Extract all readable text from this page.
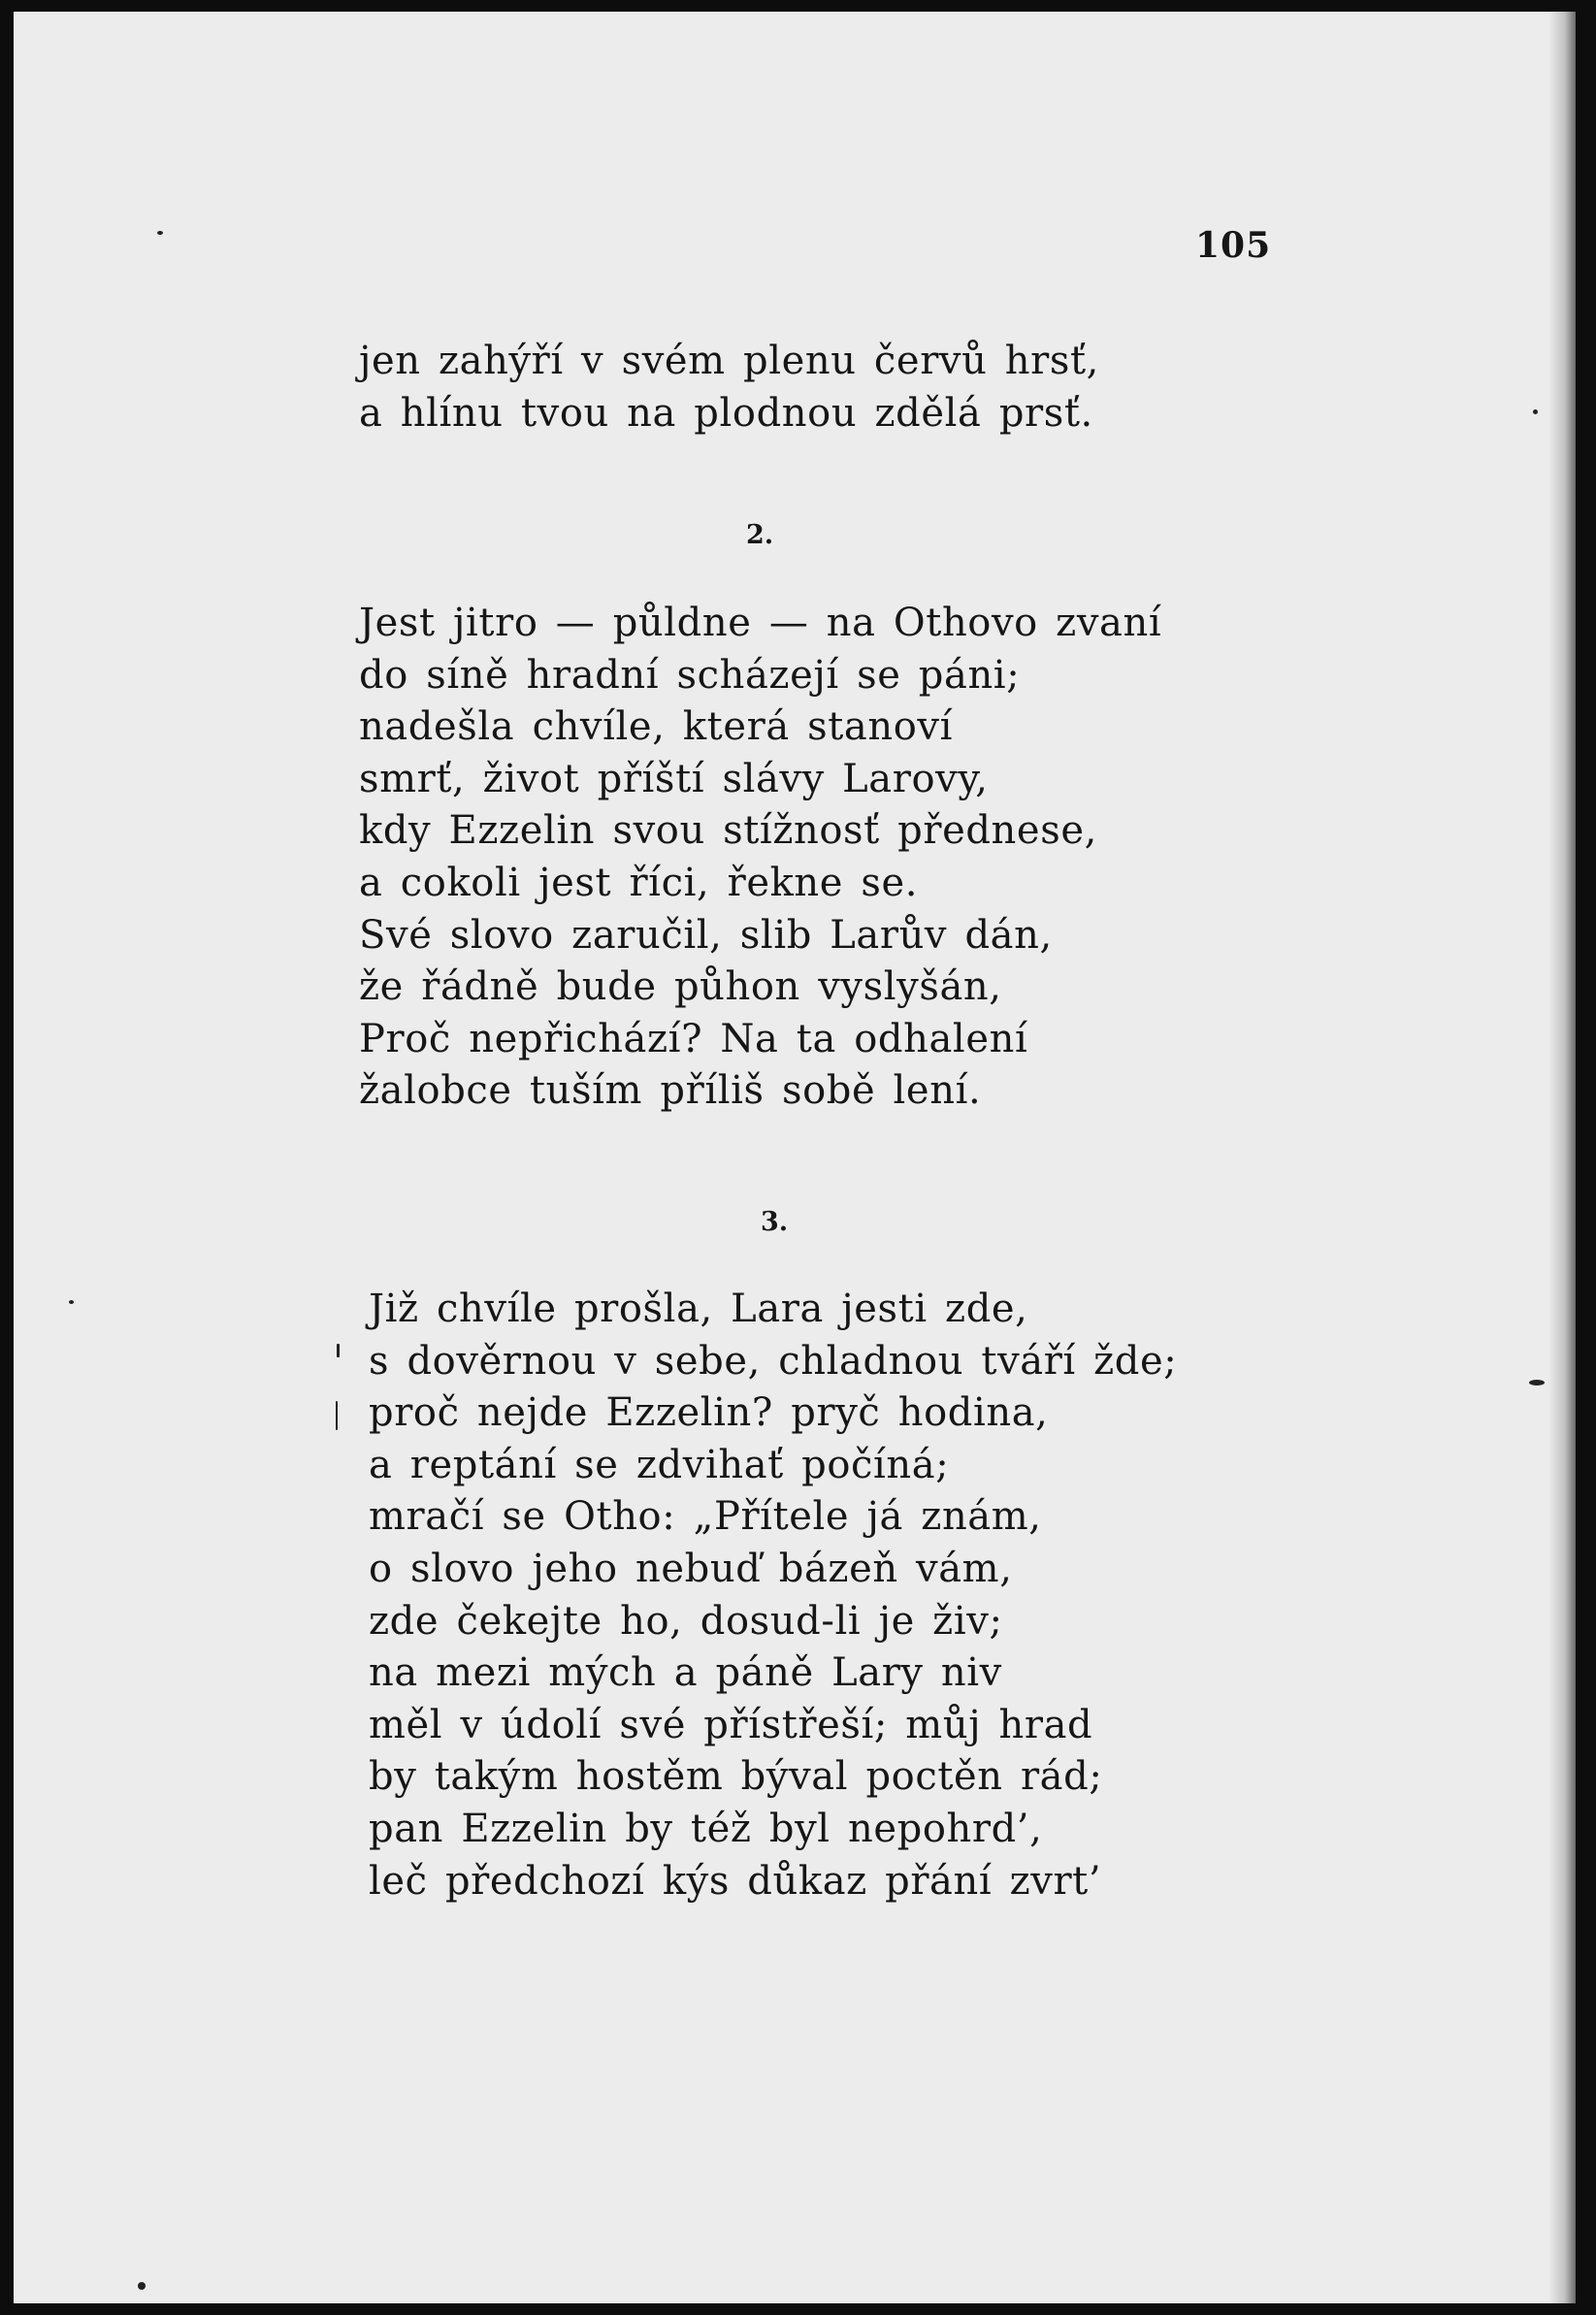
105
jen zahýří v svém plenu červů hrsť,
a hlínu tvou na plodnou zdělá prsť.
2.
Jest jitro — půldne — na Othovo zvaní
do síně hradní scházejí se páni;
nadešla chvíle, která stanoví
smrť, život příští slávy Larovy,
kdy Ezzelin svou stížnosť přednese,
a cokoli jest říci, řekne se.
Své slovo zaručil, slib Larův dán,
že řádně bude půhon vyslyšán,
Proč nepřichází? Na ta odhalení
žalobce tuším příliš sobě lení.
3.
Již chvíle prošla, Lara jesti zde,
s dověrnou v sebe, chladnou tváří žde;
proč nejde Ezzelin? pryč hodina,
a reptání se zdvihať počíná;
mračí se Otho: „Přítele já znám,
o slovo jeho nebuď bázeň vám,
zde čekejte ho, dosud-li je živ;
na mezi mých a páně Lary niv
měl v údolí své přístřeší; můj hrad
by takým hostěm býval poctěn rád;
pan Ezzelin by též byl nepohrd’,
leč předchozí kýs důkaz přání zvrt’
